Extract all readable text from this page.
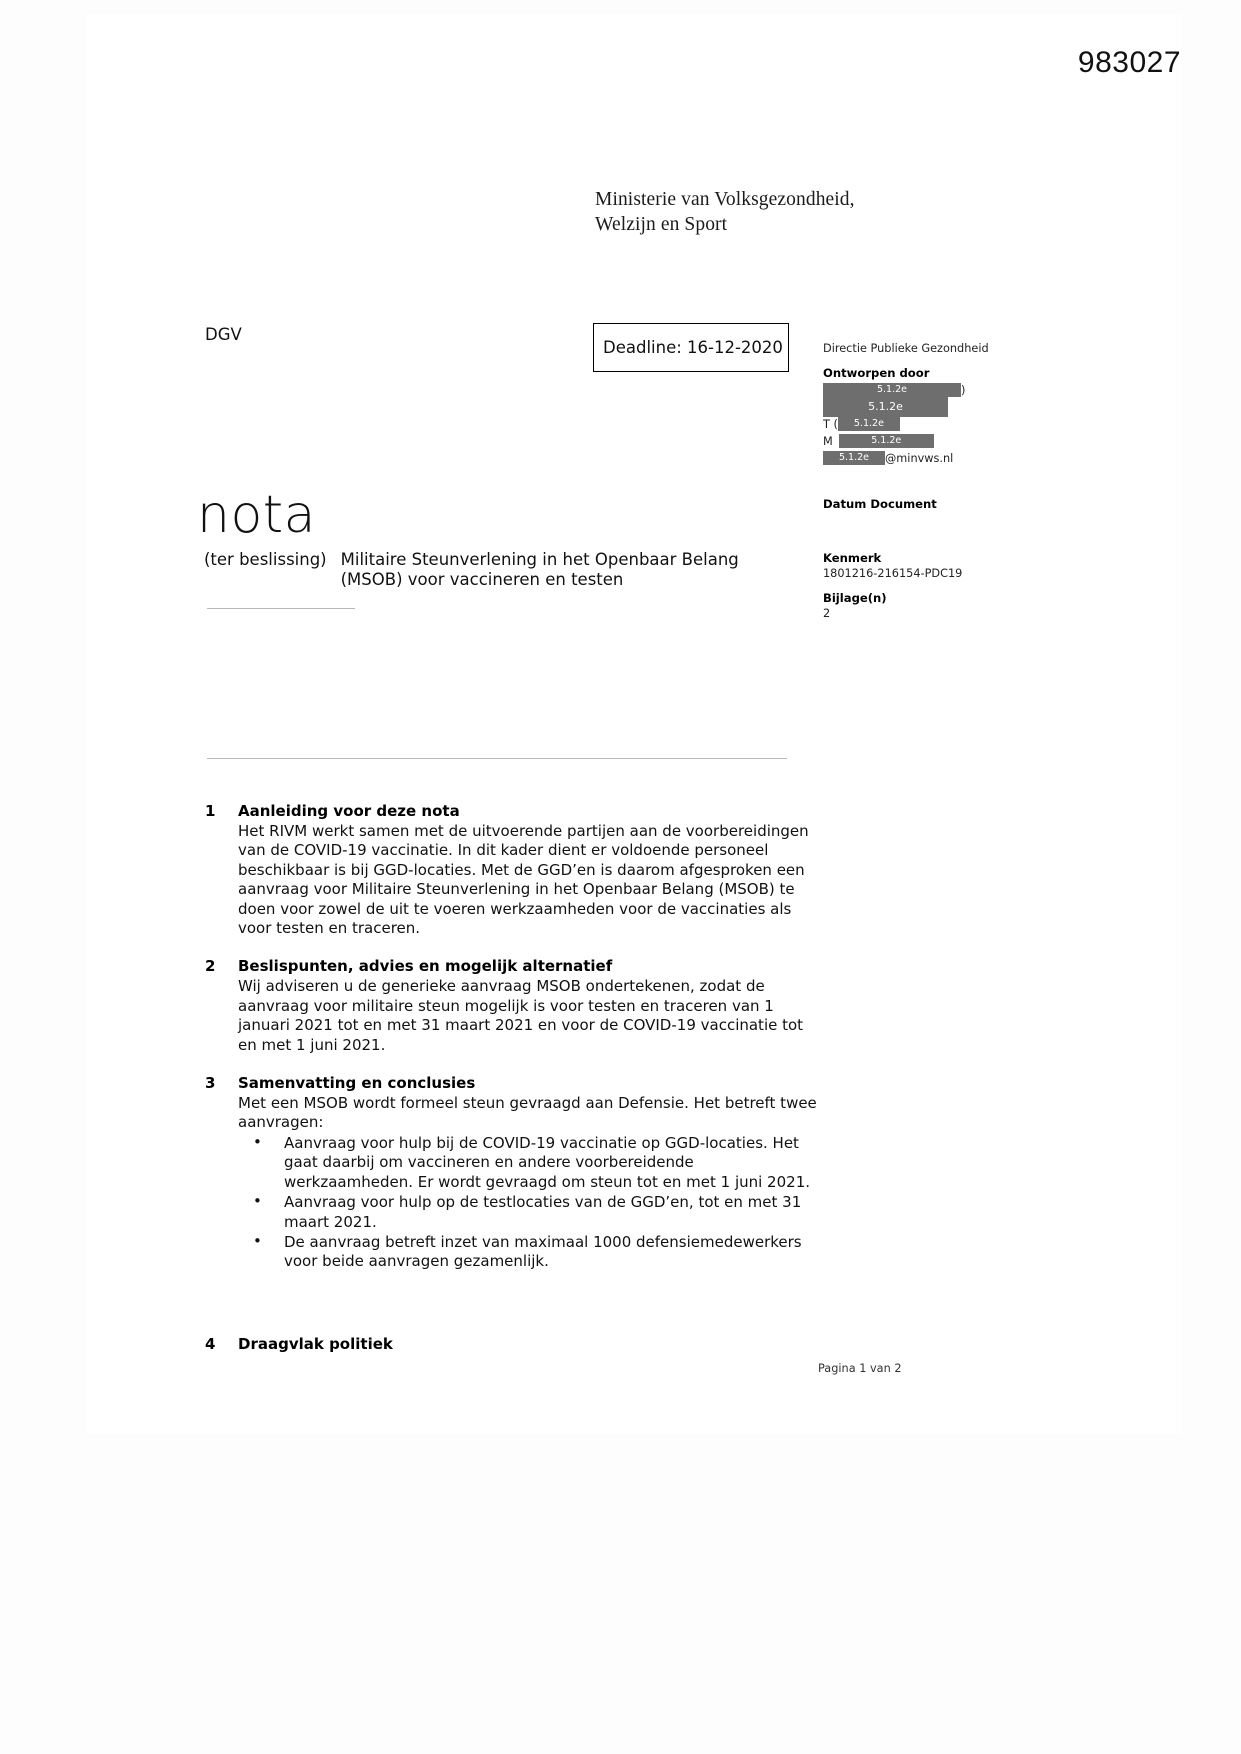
983027
Ministerie van Volksgezondheid,
Welzijn en Sport
DGV
Deadline: 16-12-2020	Directie Publieke Gezondheid
Ontworpen door
5.1.2e	)
5.1.2e
T (	5.1.2e
M	5.1.2e
5.1.2e	@minvws.nl
Datum Document
Kenmerk
1801216-216154-PDC19
Bijlage(n)
2
nota
(ter beslissing) Militaire Steunverlening in het Openbaar Belang (MSOB) voor vaccineren en testen
1	Aanleiding voor deze nota
Het RIVM werkt samen met de uitvoerende partijen aan de voorbereidingen van de COVID-19 vaccinatie. In dit kader dient er voldoende personeel beschikbaar is bij GGD-locaties. Met de GGD’en is daarom afgesproken een aanvraag voor Militaire Steunverlening in het Openbaar Belang (MSOB) te doen voor zowel de uit te voeren werkzaamheden voor de vaccinaties als voor testen en traceren.
2	Beslispunten, advies en mogelijk alternatief
Wij adviseren u de generieke aanvraag MSOB ondertekenen, zodat de aanvraag voor militaire steun mogelijk is voor testen en traceren van 1 januari 2021 tot en met 31 maart 2021 en voor de COVID-19 vaccinatie tot en met 1 juni 2021.
3	Samenvatting en conclusies
Met een MSOB wordt formeel steun gevraagd aan Defensie. Het betreft twee aanvragen:
• Aanvraag voor hulp bij de COVID-19 vaccinatie op GGD-locaties. Het gaat daarbij om vaccineren en andere voorbereidende werkzaamheden. Er wordt gevraagd om steun tot en met 1 juni 2021.
• Aanvraag voor hulp op de testlocaties van de GGD’en, tot en met 31 maart 2021.
• De aanvraag betreft inzet van maximaal 1000 defensiemedewerkers voor beide aanvragen gezamenlijk.
4	Draagvlak politiek
Pagina 1 van 2
